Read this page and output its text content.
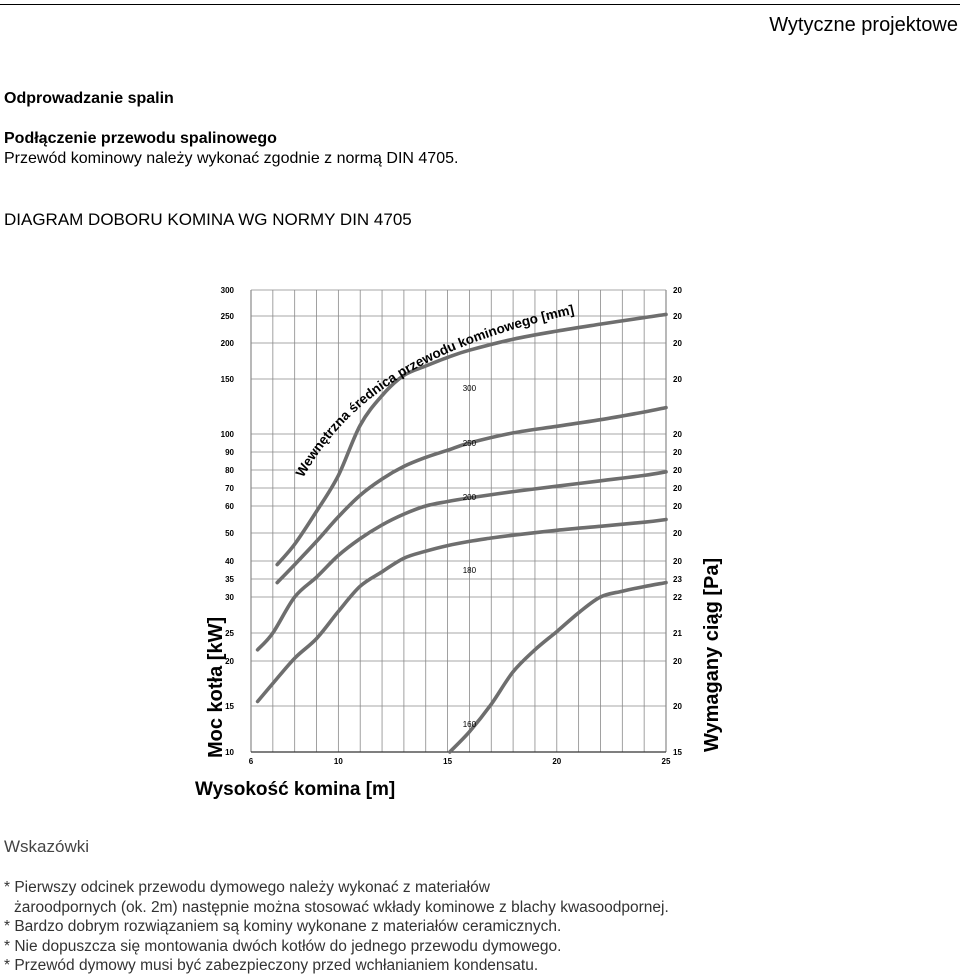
Wytyczne projektowe
Odprowadzanie spalin
Podłączenie przewodu spalinowego
Przewód kominowy należy wykonać zgodnie z normą DIN 4705.
DIAGRAM DOBORU KOMINA WG NORMY DIN 4705
6	10	15	20	25
10
15
20
25
30
35
40
50
60
70
80
90
100
150
200
250
300
15
20
20
21
22
23
20
20
20
20
20
20
20
20
20
20
20
160
180
200
250
300
Wewnętrzna średnica przewodu kominowego [mm]
Wysokość komina [m]
Moc kotła [kW]	Wymagany ciąg [Pa]
Wskazówki
* Pierwszy odcinek przewodu dymowego należy wykonać z materiałów
żaroodpornych (ok. 2m) następnie można stosować wkłady kominowe z blachy kwasoodpornej.
* Bardzo dobrym rozwiązaniem są kominy wykonane z materiałów ceramicznych.
* Nie dopuszcza się montowania dwóch kotłów do jednego przewodu dymowego.
* Przewód dymowy musi być zabezpieczony przed wchłanianiem kondensatu.
